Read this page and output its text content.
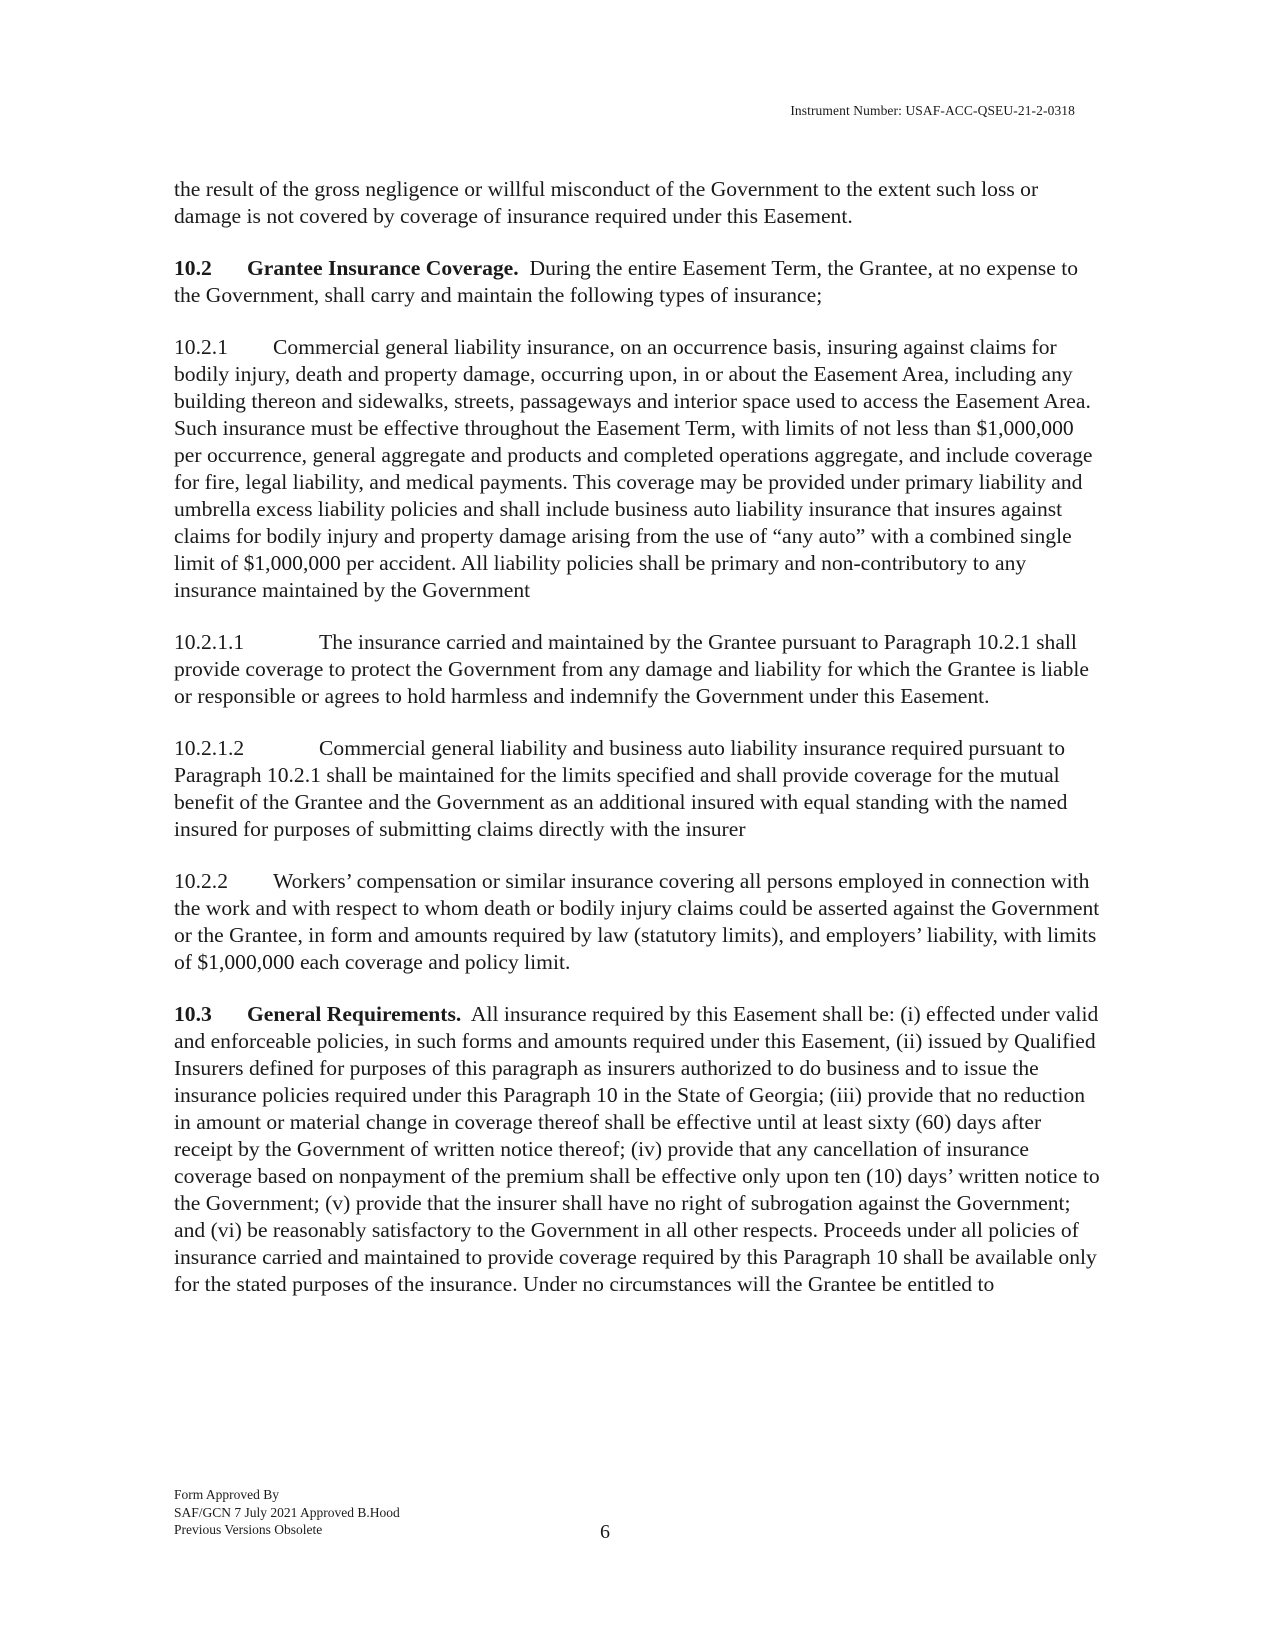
Instrument Number: USAF-ACC-QSEU-21-2-0318

the result of the gross negligence or willful misconduct of the Government to the extent such loss or damage is not covered by coverage of insurance required under this Easement.

10.2 Grantee Insurance Coverage. During the entire Easement Term, the Grantee, at no expense to the Government, shall carry and maintain the following types of insurance;

10.2.1 Commercial general liability insurance, on an occurrence basis, insuring against claims for bodily injury, death and property damage, occurring upon, in or about the Easement Area, including any building thereon and sidewalks, streets, passageways and interior space used to access the Easement Area. Such insurance must be effective throughout the Easement Term, with limits of not less than $1,000,000 per occurrence, general aggregate and products and completed operations aggregate, and include coverage for fire, legal liability, and medical payments. This coverage may be provided under primary liability and umbrella excess liability policies and shall include business auto liability insurance that insures against claims for bodily injury and property damage arising from the use of “any auto” with a combined single limit of $1,000,000 per accident. All liability policies shall be primary and non-contributory to any insurance maintained by the Government

10.2.1.1	The insurance carried and maintained by the Grantee pursuant to Paragraph 10.2.1 shall provide coverage to protect the Government from any damage and liability for which the Grantee is liable or responsible or agrees to hold harmless and indemnify the Government under this Easement.

10.2.1.2	Commercial general liability and business auto liability insurance required pursuant to Paragraph 10.2.1 shall be maintained for the limits specified and shall provide coverage for the mutual benefit of the Grantee and the Government as an additional insured with equal standing with the named insured for purposes of submitting claims directly with the insurer

10.2.2 Workers’ compensation or similar insurance covering all persons employed in connection with the work and with respect to whom death or bodily injury claims could be asserted against the Government or the Grantee, in form and amounts required by law (statutory limits), and employers’ liability, with limits of $1,000,000 each coverage and policy limit.

10.3 General Requirements. All insurance required by this Easement shall be: (i) effected under valid and enforceable policies, in such forms and amounts required under this Easement, (ii) issued by Qualified Insurers defined for purposes of this paragraph as insurers authorized to do business and to issue the insurance policies required under this Paragraph 10 in the State of Georgia; (iii) provide that no reduction in amount or material change in coverage thereof shall be effective until at least sixty (60) days after receipt by the Government of written notice thereof; (iv) provide that any cancellation of insurance coverage based on nonpayment of the premium shall be effective only upon ten (10) days’ written notice to the Government; (v) provide that the insurer shall have no right of subrogation against the Government; and (vi) be reasonably satisfactory to the Government in all other respects. Proceeds under all policies of insurance carried and maintained to provide coverage required by this Paragraph 10 shall be available only for the stated purposes of the insurance. Under no circumstances will the Grantee be entitled to

Form Approved By
SAF/GCN 7 July 2021 Approved B.Hood
Previous Versions Obsolete	6
